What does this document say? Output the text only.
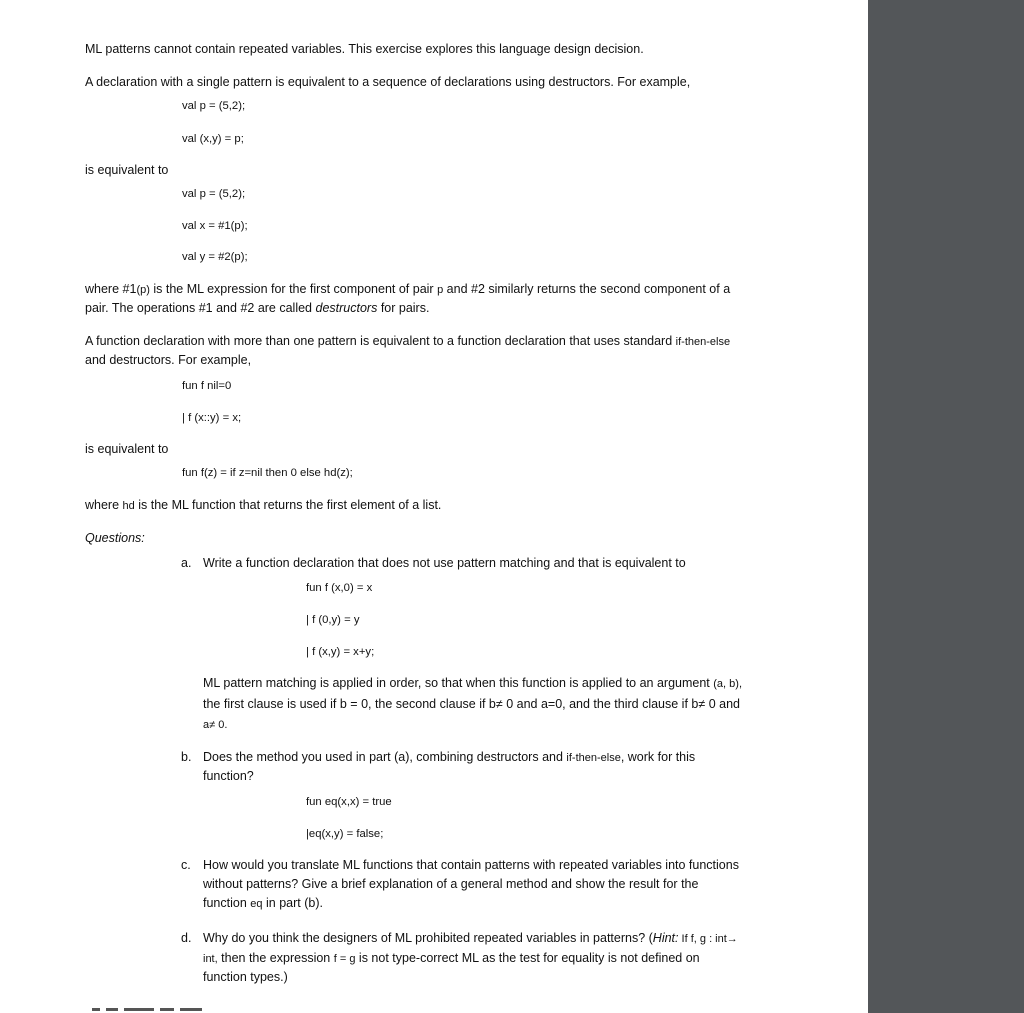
ML patterns cannot contain repeated variables. This exercise explores this language design decision.
A declaration with a single pattern is equivalent to a sequence of declarations using destructors. For example,
val p = (5,2);
val (x,y) = p;
is equivalent to
val p = (5,2);
val x = #1(p);
val y = #2(p);
where #1(p) is the ML expression for the first component of pair p and #2 similarly returns the second component of a
pair. The operations #1 and #2 are called destructors for pairs.
A function declaration with more than one pattern is equivalent to a function declaration that uses standard if-then-else
and destructors. For example,
fun f nil=0
| f (x::y) = x;
is equivalent to
fun f(z) = if z=nil then 0 else hd(z);
where hd is the ML function that returns the first element of a list.
Questions:
a. Write a function declaration that does not use pattern matching and that is equivalent to
fun f (x,0) = x
| f (0,y) = y
| f (x,y) = x+y;
ML pattern matching is applied in order, so that when this function is applied to an argument (a, b),
the first clause is used if b = 0, the second clause if b≠ 0 and a=0, and the third clause if b≠ 0 and
a≠ 0.
b. Does the method you used in part (a), combining destructors and if-then-else, work for this
function?
fun eq(x,x) = true
|eq(x,y) = false;
c. How would you translate ML functions that contain patterns with repeated variables into functions
without patterns? Give a brief explanation of a general method and show the result for the
function eq in part (b).
d. Why do you think the designers of ML prohibited repeated variables in patterns? (Hint: If f, g : int→
int, then the expression f = g is not type-correct ML as the test for equality is not defined on
function types.)
